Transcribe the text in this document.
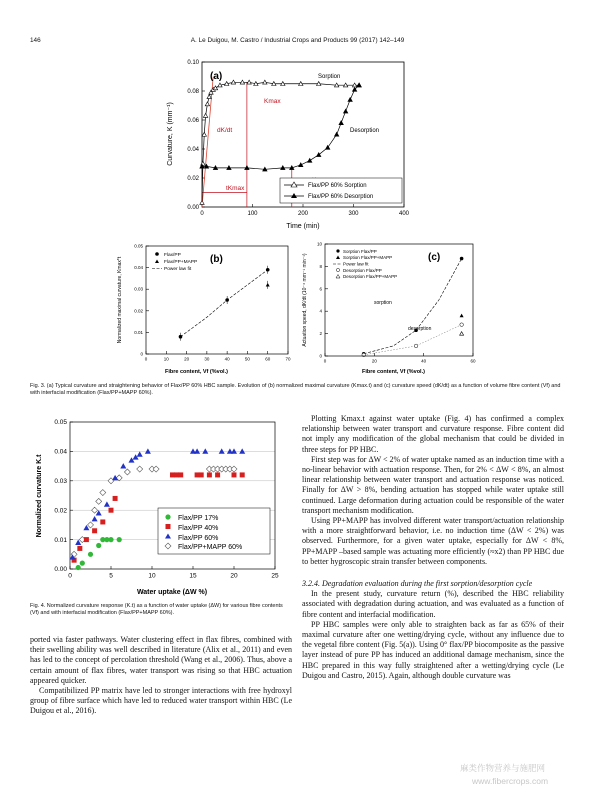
146	A. Le Duigou, M. Castro / Industrial Crops and Products 99 (2017) 142–149
0	100	200	300	400
0.00
0.02
0.04
0.06
0.08
0.10
(a)
Time (min)
Curvature, K (mm⁻¹)
Sorption
Desorption
dK/dt
Kmax
tKmax	Flax/PP 60% Sorption
Flax/PP 60% Desorption
0	10	20	30	40	50	60	70
0
0.01
0.02
0.03
0.04
0.05
(b)
Fibre content, Vf (%vol.)
Normalized maximal curvature, Kmax*t
Flax/PP
Flax/PP+MAPP
Power law fit
0	20	40	60
0
2
4
6
8
10
(c)
Fibre content, Vf (%vol.)
Actuation speed, dK/dt (10⁻⁴ mm⁻¹ min⁻¹)	sorption
desorption
Sorption Flax/PP
Sorption Flax/PP+MAPP
Power law fit
Desorption Flax/PP
Desorption Flax/PP+MAPP
Fig. 3. (a) Typical curvature and straightening behavior of Flax/PP 60% HBC sample. Evolution of (b) normalized maximal curvature (Kmax.t) and (c) curvature speed (dK/dt) as a function of volume fibre content (Vf) and with interfacial modification (Flax/PP+MAPP 60%).
0	5	10	15	20	25
0.00
0.01
0.02
0.03
0.04
0.05
Water uptake (ΔW %)
Normalized curvature K.t	Flax/PP 17%
Flax/PP 40%
Flax/PP 60%
Flax/PP+MAPP 60%
Fig. 4. Normalized curvature response (K.t) as a function of water uptake (ΔW) for various fibre contents (Vf) and with interfacial modification (Flax/PP+MAPP 60%).

ported via faster pathways. Water clustering effect in flax fibres, combined with their swelling ability was well described in literature (Alix et al., 2011) and even has led to the concept of percolation threshold (Wang et al., 2006). Thus, above a certain amount of flax fibres, water transport was rising so that HBC actuation appeared quicker.

Compatibilized PP matrix have led to stronger interactions with free hydroxyl group of fibre surface which have led to reduced water transport within HBC (Le Duigou et al., 2016).

Plotting Kmax.t against water uptake (Fig. 4) has confirmed a complex relationship between water transport and curvature response. Fibre content did not imply any modification of the global mechanism that could be divided in three steps for PP HBC.

First step was for ΔW < 2% of water uptake named as an induction time with a no-linear behavior with actuation response. Then, for 2% < ΔW < 8%, an almost linear relationship between water transport and actuation response was noticed. Finally for ΔW > 8%, bending actuation has stopped while water uptake still continued. Large deformation during actuation could be responsible of the water transport mechanism modification.

Using PP+MAPP has involved different water transport/actuation relationship with a more straightforward behavior, i.e. no induction time (ΔW < 2%) was observed. Furthermore, for a given water uptake, especially for ΔW < 8%, PP+MAPP –based sample was actuating more efficiently (≈x2) than PP HBC due to better hygroscopic strain transfer between components.

3.2.4. Degradation evaluation during the first sorption/desorption cycle

In the present study, curvature return (%), described the HBC reliability associated with degradation during actuation, and was evaluated as a function of fibre content and interfacial modification.

PP HBC samples were only able to straighten back as far as 65% of their maximal curvature after one wetting/drying cycle, without any influence due to the vegetal fibre content (Fig. 5(a)). Using 0° flax/PP biocomposite as the passive layer instead of pure PP has induced an additional damage mechanism, since the HBC prepared in this way fully straightened after a wetting/drying cycle (Le Duigou and Castro, 2015). Again, although double curvature was

麻类作物营养与施肥网
www.fibercrops.com
